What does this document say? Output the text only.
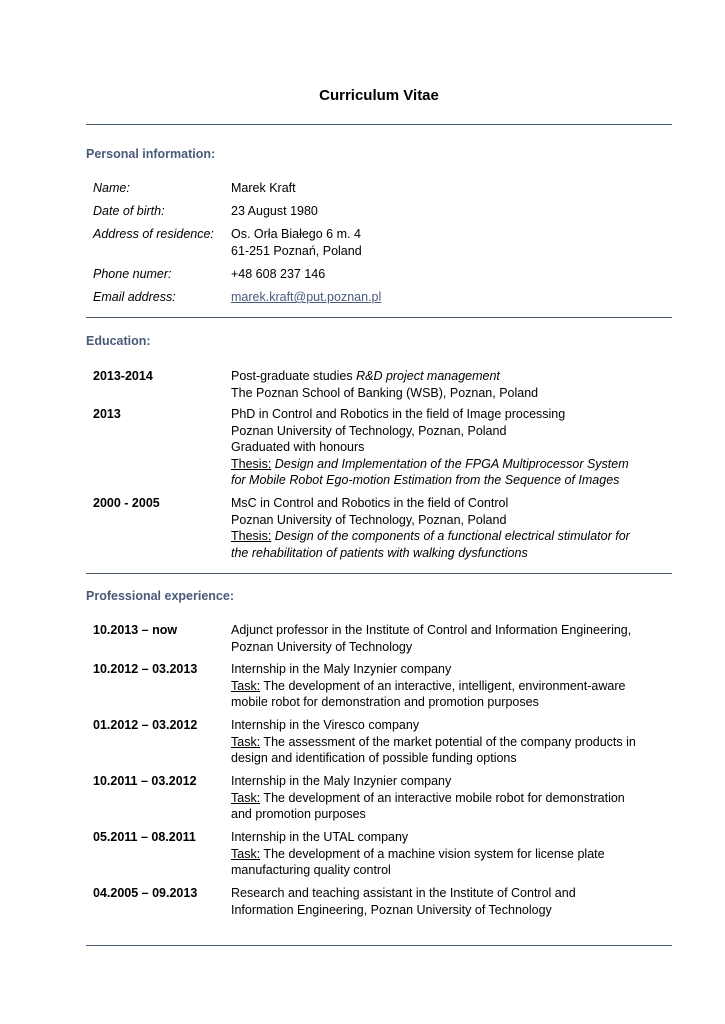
Curriculum Vitae
Personal information:
Name:	Marek Kraft
Date of birth:	23 August 1980
Address of residence:	Os. Orła Białego 6 m. 4
61-251 Poznań, Poland
Phone numer:	+48 608 237 146
Email address:	marek.kraft@put.poznan.pl
Education:
2013-2014	Post-graduate studies R&D project management
The Poznan School of Banking (WSB), Poznan, Poland
2013	PhD in Control and Robotics in the field of Image processing
Poznan University of Technology, Poznan, Poland
Graduated with honours
Thesis: Design and Implementation of the FPGA Multiprocessor System
for Mobile Robot Ego-motion Estimation from the Sequence of Images
2000 - 2005	MsC in Control and Robotics in the field of Control
Poznan University of Technology, Poznan, Poland
Thesis: Design of the components of a functional electrical stimulator for
the rehabilitation of patients with walking dysfunctions
Professional experience:
10.2013 – now	Adjunct professor in the Institute of Control and Information Engineering,
Poznan University of Technology
10.2012 – 03.2013	Internship in the Maly Inzynier company
Task: The development of an interactive, intelligent, environment-aware
mobile robot for demonstration and promotion purposes
01.2012 – 03.2012	Internship in the Viresco company
Task: The assessment of the market potential of the company products in
design and identification of possible funding options
10.2011 – 03.2012	Internship in the Maly Inzynier company
Task: The development of an interactive mobile robot for demonstration
and promotion purposes
05.2011 – 08.2011	Internship in the UTAL company
Task: The development of a machine vision system for license plate
manufacturing quality control
04.2005 – 09.2013	Research and teaching assistant in the Institute of Control and
Information Engineering, Poznan University of Technology
